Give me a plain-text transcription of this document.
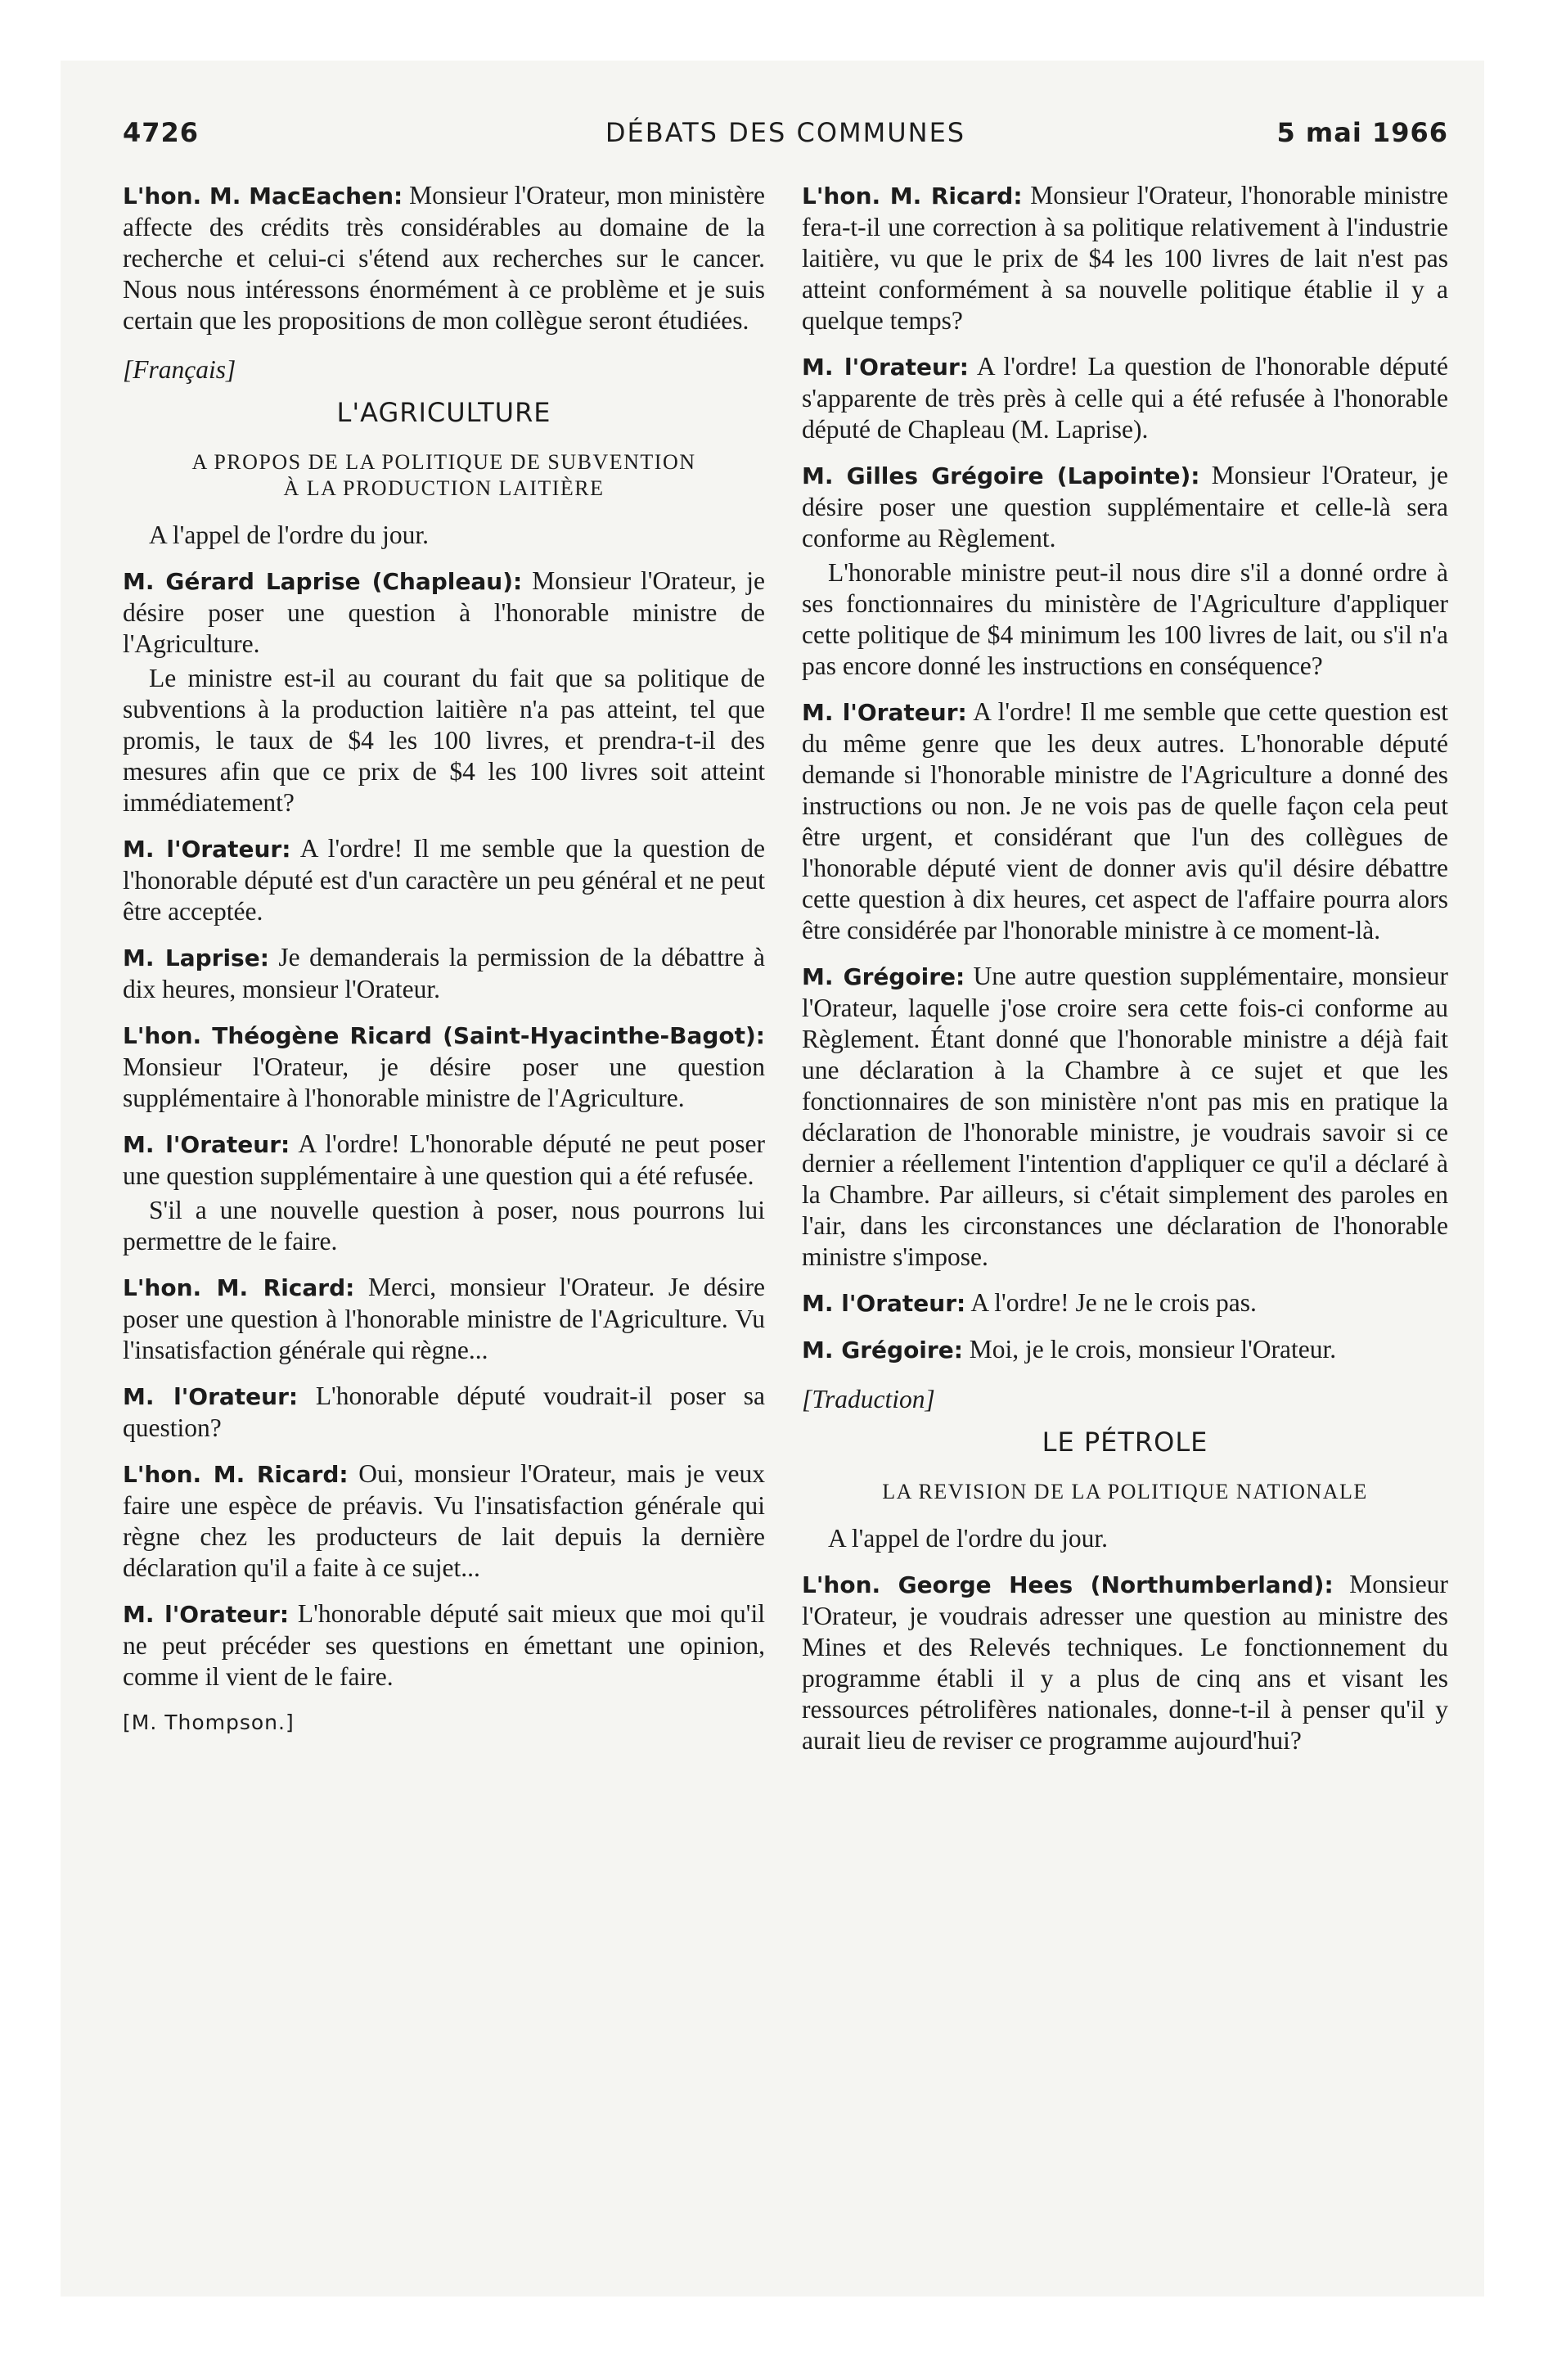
4726	DÉBATS DES COMMUNES	5 mai 1966

L'hon. M. MacEachen: Monsieur l'Orateur, mon ministère affecte des crédits très considérables au domaine de la recherche et celui-ci s'étend aux recherches sur le cancer. Nous nous intéressons énormément à ce problème et je suis certain que les propositions de mon collègue seront étudiées.

[Français]
L'AGRICULTURE
A PROPOS DE LA POLITIQUE DE SUBVENTION
À LA PRODUCTION LAITIÈRE

A l'appel de l'ordre du jour.

M. Gérard Laprise (Chapleau): Monsieur l'Orateur, je désire poser une question à l'honorable ministre de l'Agriculture.

Le ministre est-il au courant du fait que sa politique de subventions à la production laitière n'a pas atteint, tel que promis, le taux de $4 les 100 livres, et prendra-t-il des mesures afin que ce prix de $4 les 100 livres soit atteint immédiatement?

M. l'Orateur: A l'ordre! Il me semble que la question de l'honorable député est d'un caractère un peu général et ne peut être acceptée.

M. Laprise: Je demanderais la permission de la débattre à dix heures, monsieur l'Orateur.

L'hon. Théogène Ricard (Saint-Hyacinthe-Bagot): Monsieur l'Orateur, je désire poser une question supplémentaire à l'honorable ministre de l'Agriculture.

M. l'Orateur: A l'ordre! L'honorable député ne peut poser une question supplémentaire à une question qui a été refusée.

S'il a une nouvelle question à poser, nous pourrons lui permettre de le faire.

L'hon. M. Ricard: Merci, monsieur l'Orateur. Je désire poser une question à l'honorable ministre de l'Agriculture. Vu l'insatisfaction générale qui règne...

M. l'Orateur: L'honorable député voudrait-il poser sa question?

L'hon. M. Ricard: Oui, monsieur l'Orateur, mais je veux faire une espèce de préavis. Vu l'insatisfaction générale qui règne chez les producteurs de lait depuis la dernière déclaration qu'il a faite à ce sujet...

M. l'Orateur: L'honorable député sait mieux que moi qu'il ne peut précéder ses questions en émettant une opinion, comme il vient de le faire.

[M. Thompson.]

L'hon. M. Ricard: Monsieur l'Orateur, l'honorable ministre fera-t-il une correction à sa politique relativement à l'industrie laitière, vu que le prix de $4 les 100 livres de lait n'est pas atteint conformément à sa nouvelle politique établie il y a quelque temps?

M. l'Orateur: A l'ordre! La question de l'honorable député s'apparente de très près à celle qui a été refusée à l'honorable député de Chapleau (M. Laprise).

M. Gilles Grégoire (Lapointe): Monsieur l'Orateur, je désire poser une question supplémentaire et celle-là sera conforme au Règlement.

L'honorable ministre peut-il nous dire s'il a donné ordre à ses fonctionnaires du ministère de l'Agriculture d'appliquer cette politique de $4 minimum les 100 livres de lait, ou s'il n'a pas encore donné les instructions en conséquence?

M. l'Orateur: A l'ordre! Il me semble que cette question est du même genre que les deux autres. L'honorable député demande si l'honorable ministre de l'Agriculture a donné des instructions ou non. Je ne vois pas de quelle façon cela peut être urgent, et considérant que l'un des collègues de l'honorable député vient de donner avis qu'il désire débattre cette question à dix heures, cet aspect de l'affaire pourra alors être considérée par l'honorable ministre à ce moment-là.

M. Grégoire: Une autre question supplémentaire, monsieur l'Orateur, laquelle j'ose croire sera cette fois-ci conforme au Règlement. Étant donné que l'honorable ministre a déjà fait une déclaration à la Chambre à ce sujet et que les fonctionnaires de son ministère n'ont pas mis en pratique la déclaration de l'honorable ministre, je voudrais savoir si ce dernier a réellement l'intention d'appliquer ce qu'il a déclaré à la Chambre. Par ailleurs, si c'était simplement des paroles en l'air, dans les circonstances une déclaration de l'honorable ministre s'impose.

M. l'Orateur: A l'ordre! Je ne le crois pas.

M. Grégoire: Moi, je le crois, monsieur l'Orateur.

[Traduction]
LE PÉTROLE
LA REVISION DE LA POLITIQUE NATIONALE

A l'appel de l'ordre du jour.

L'hon. George Hees (Northumberland): Monsieur l'Orateur, je voudrais adresser une question au ministre des Mines et des Relevés techniques. Le fonctionnement du programme établi il y a plus de cinq ans et visant les ressources pétrolifères nationales, donne-t-il à penser qu'il y aurait lieu de reviser ce programme aujourd'hui?
